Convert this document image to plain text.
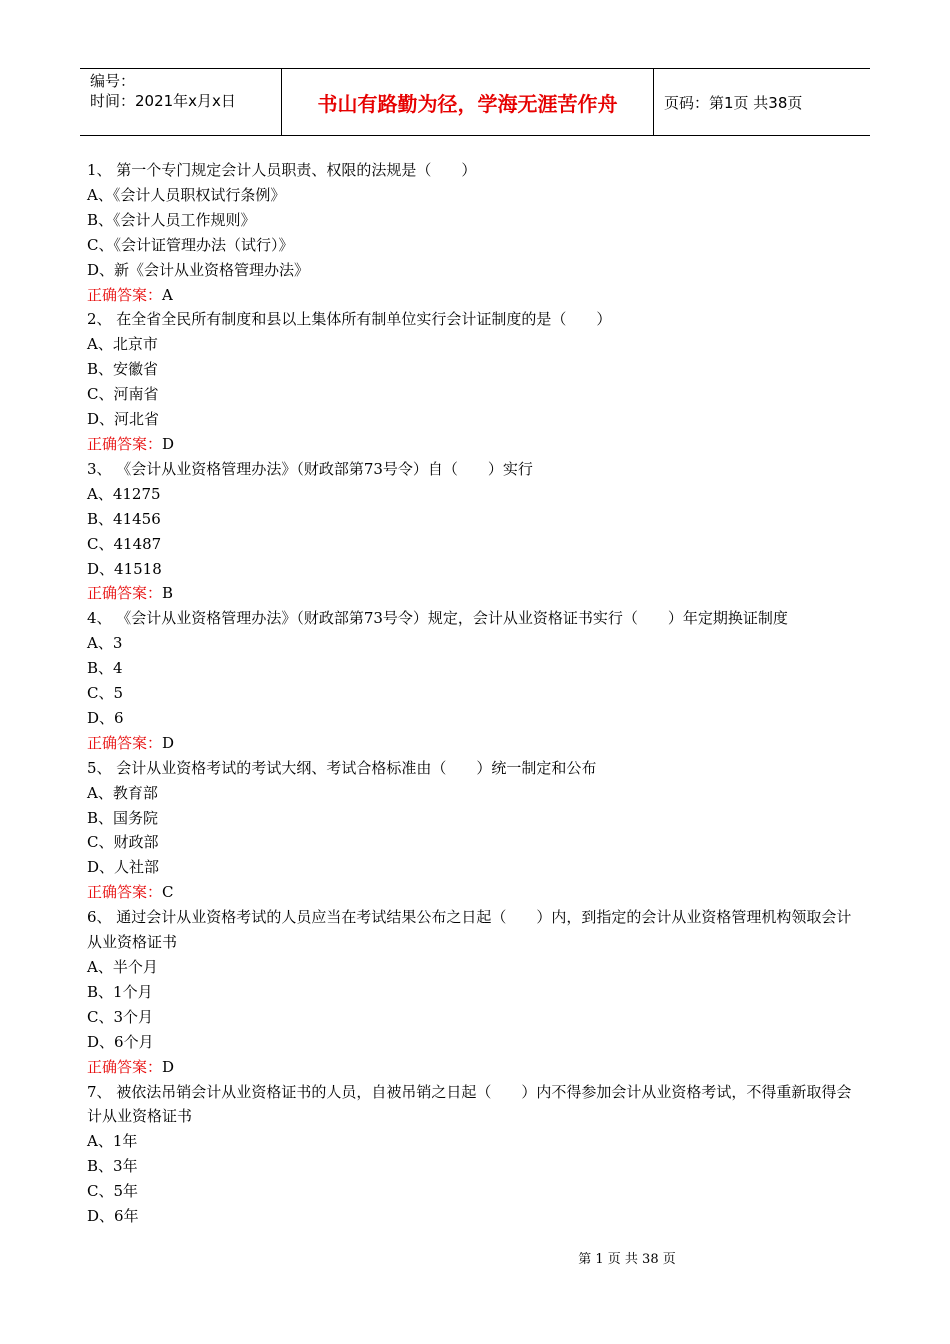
编号：
时间：2021年x月x日	书山有路勤为径，学海无涯苦作舟	页码：第1页 共38页
1、 第一个专门规定会计人员职责、权限的法规是（　　）
A、《会计人员职权试行条例》
B、《会计人员工作规则》
C、《会计证管理办法（试行）》
D、新《会计从业资格管理办法》
正确答案：A
2、 在全省全民所有制度和县以上集体所有制单位实行会计证制度的是（　　）
A、北京市
B、安徽省
C、河南省
D、河北省
正确答案：D
3、 《会计从业资格管理办法》（财政部第73号令）自（　　）实行
A、41275
B、41456
C、41487
D、41518
正确答案：B
4、 《会计从业资格管理办法》（财政部第73号令）规定，会计从业资格证书实行（　　）年定期换证制度
A、3
B、4
C、5
D、6
正确答案：D
5、 会计从业资格考试的考试大纲、考试合格标准由（　　）统一制定和公布
A、教育部
B、国务院
C、财政部
D、人社部
正确答案：C
6、 通过会计从业资格考试的人员应当在考试结果公布之日起（　　）内，到指定的会计从业资格管理机构领取会计从业资格证书
A、半个月
B、1个月
C、3个月
D、6个月
正确答案：D
7、 被依法吊销会计从业资格证书的人员，自被吊销之日起（　　）内不得参加会计从业资格考试，不得重新取得会计从业资格证书
A、1年
B、3年
C、5年
D、6年
第 1 页 共 38 页
